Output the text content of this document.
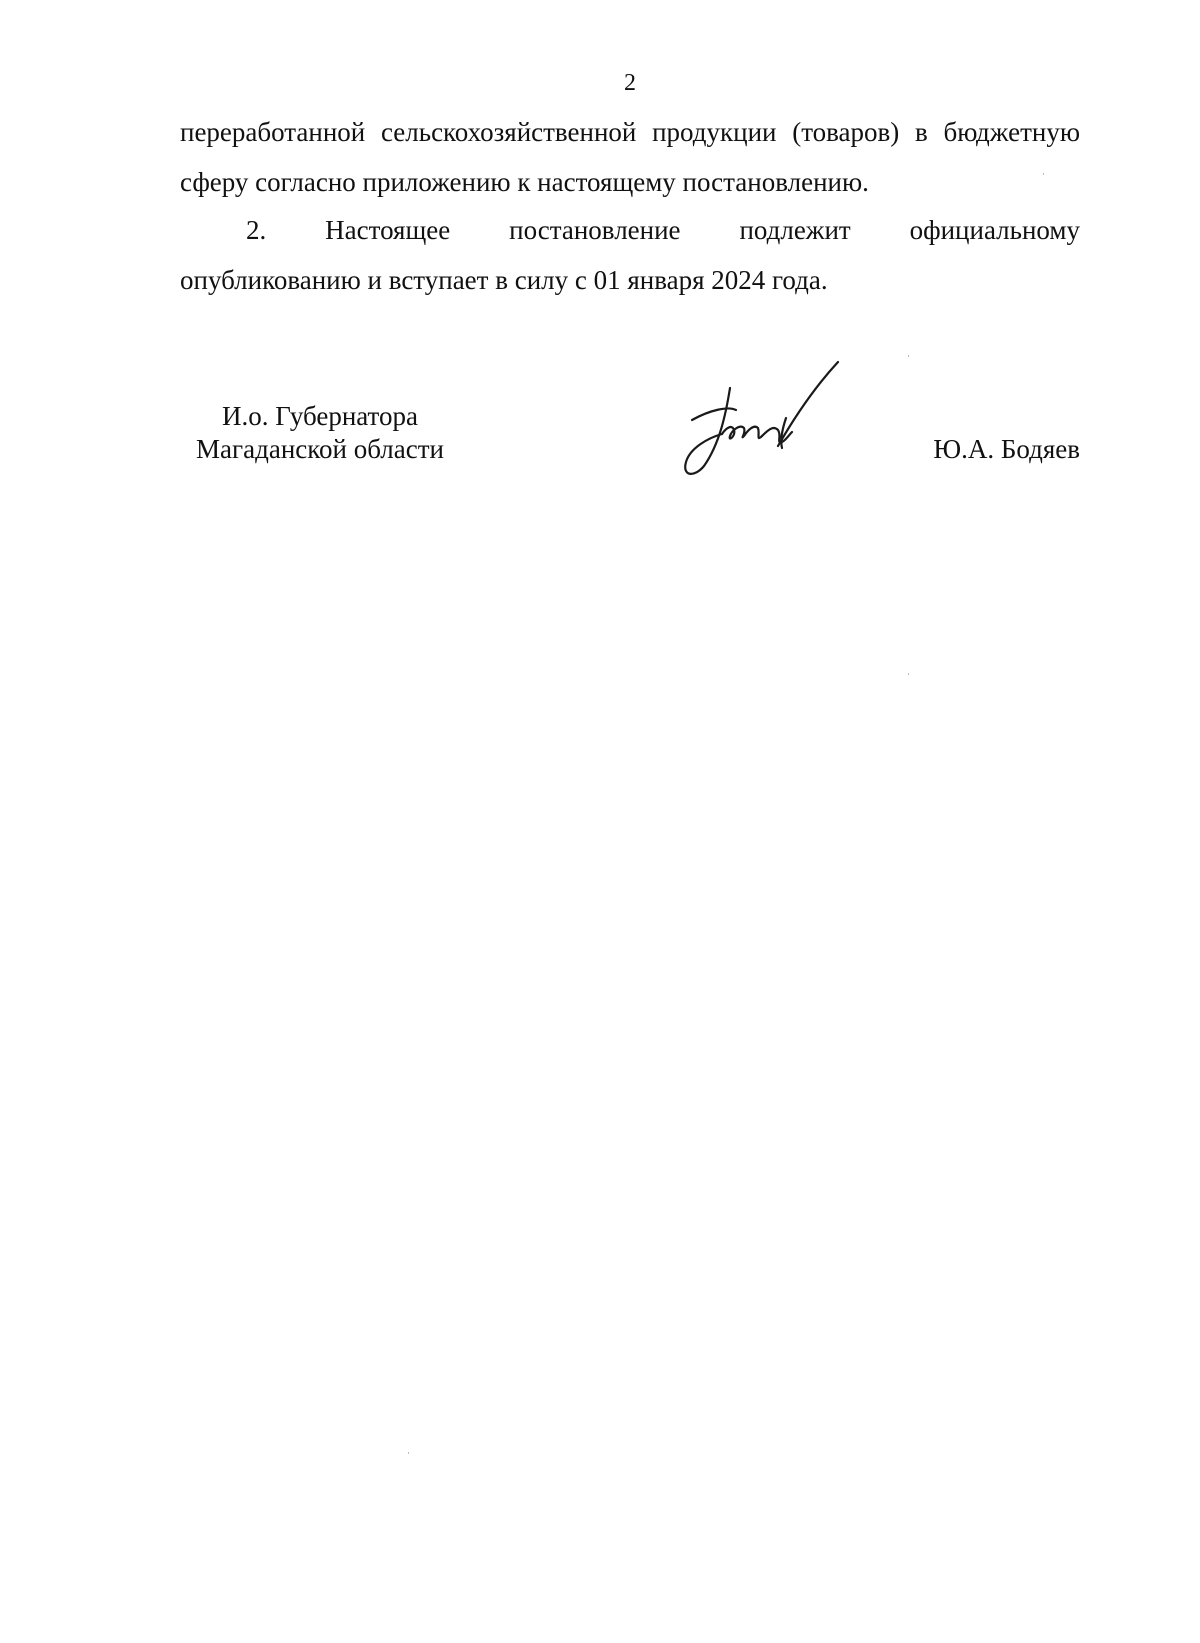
2
переработанной сельскохозяйственной продукции (товаров) в бюджетную
сферу согласно приложению к настоящему постановлению.
2. Настоящее постановление подлежит официальному
опубликованию и вступает в силу с 01 января 2024 года.
И.о. Губернатора
Магаданской области	Ю.А. Бодяев
